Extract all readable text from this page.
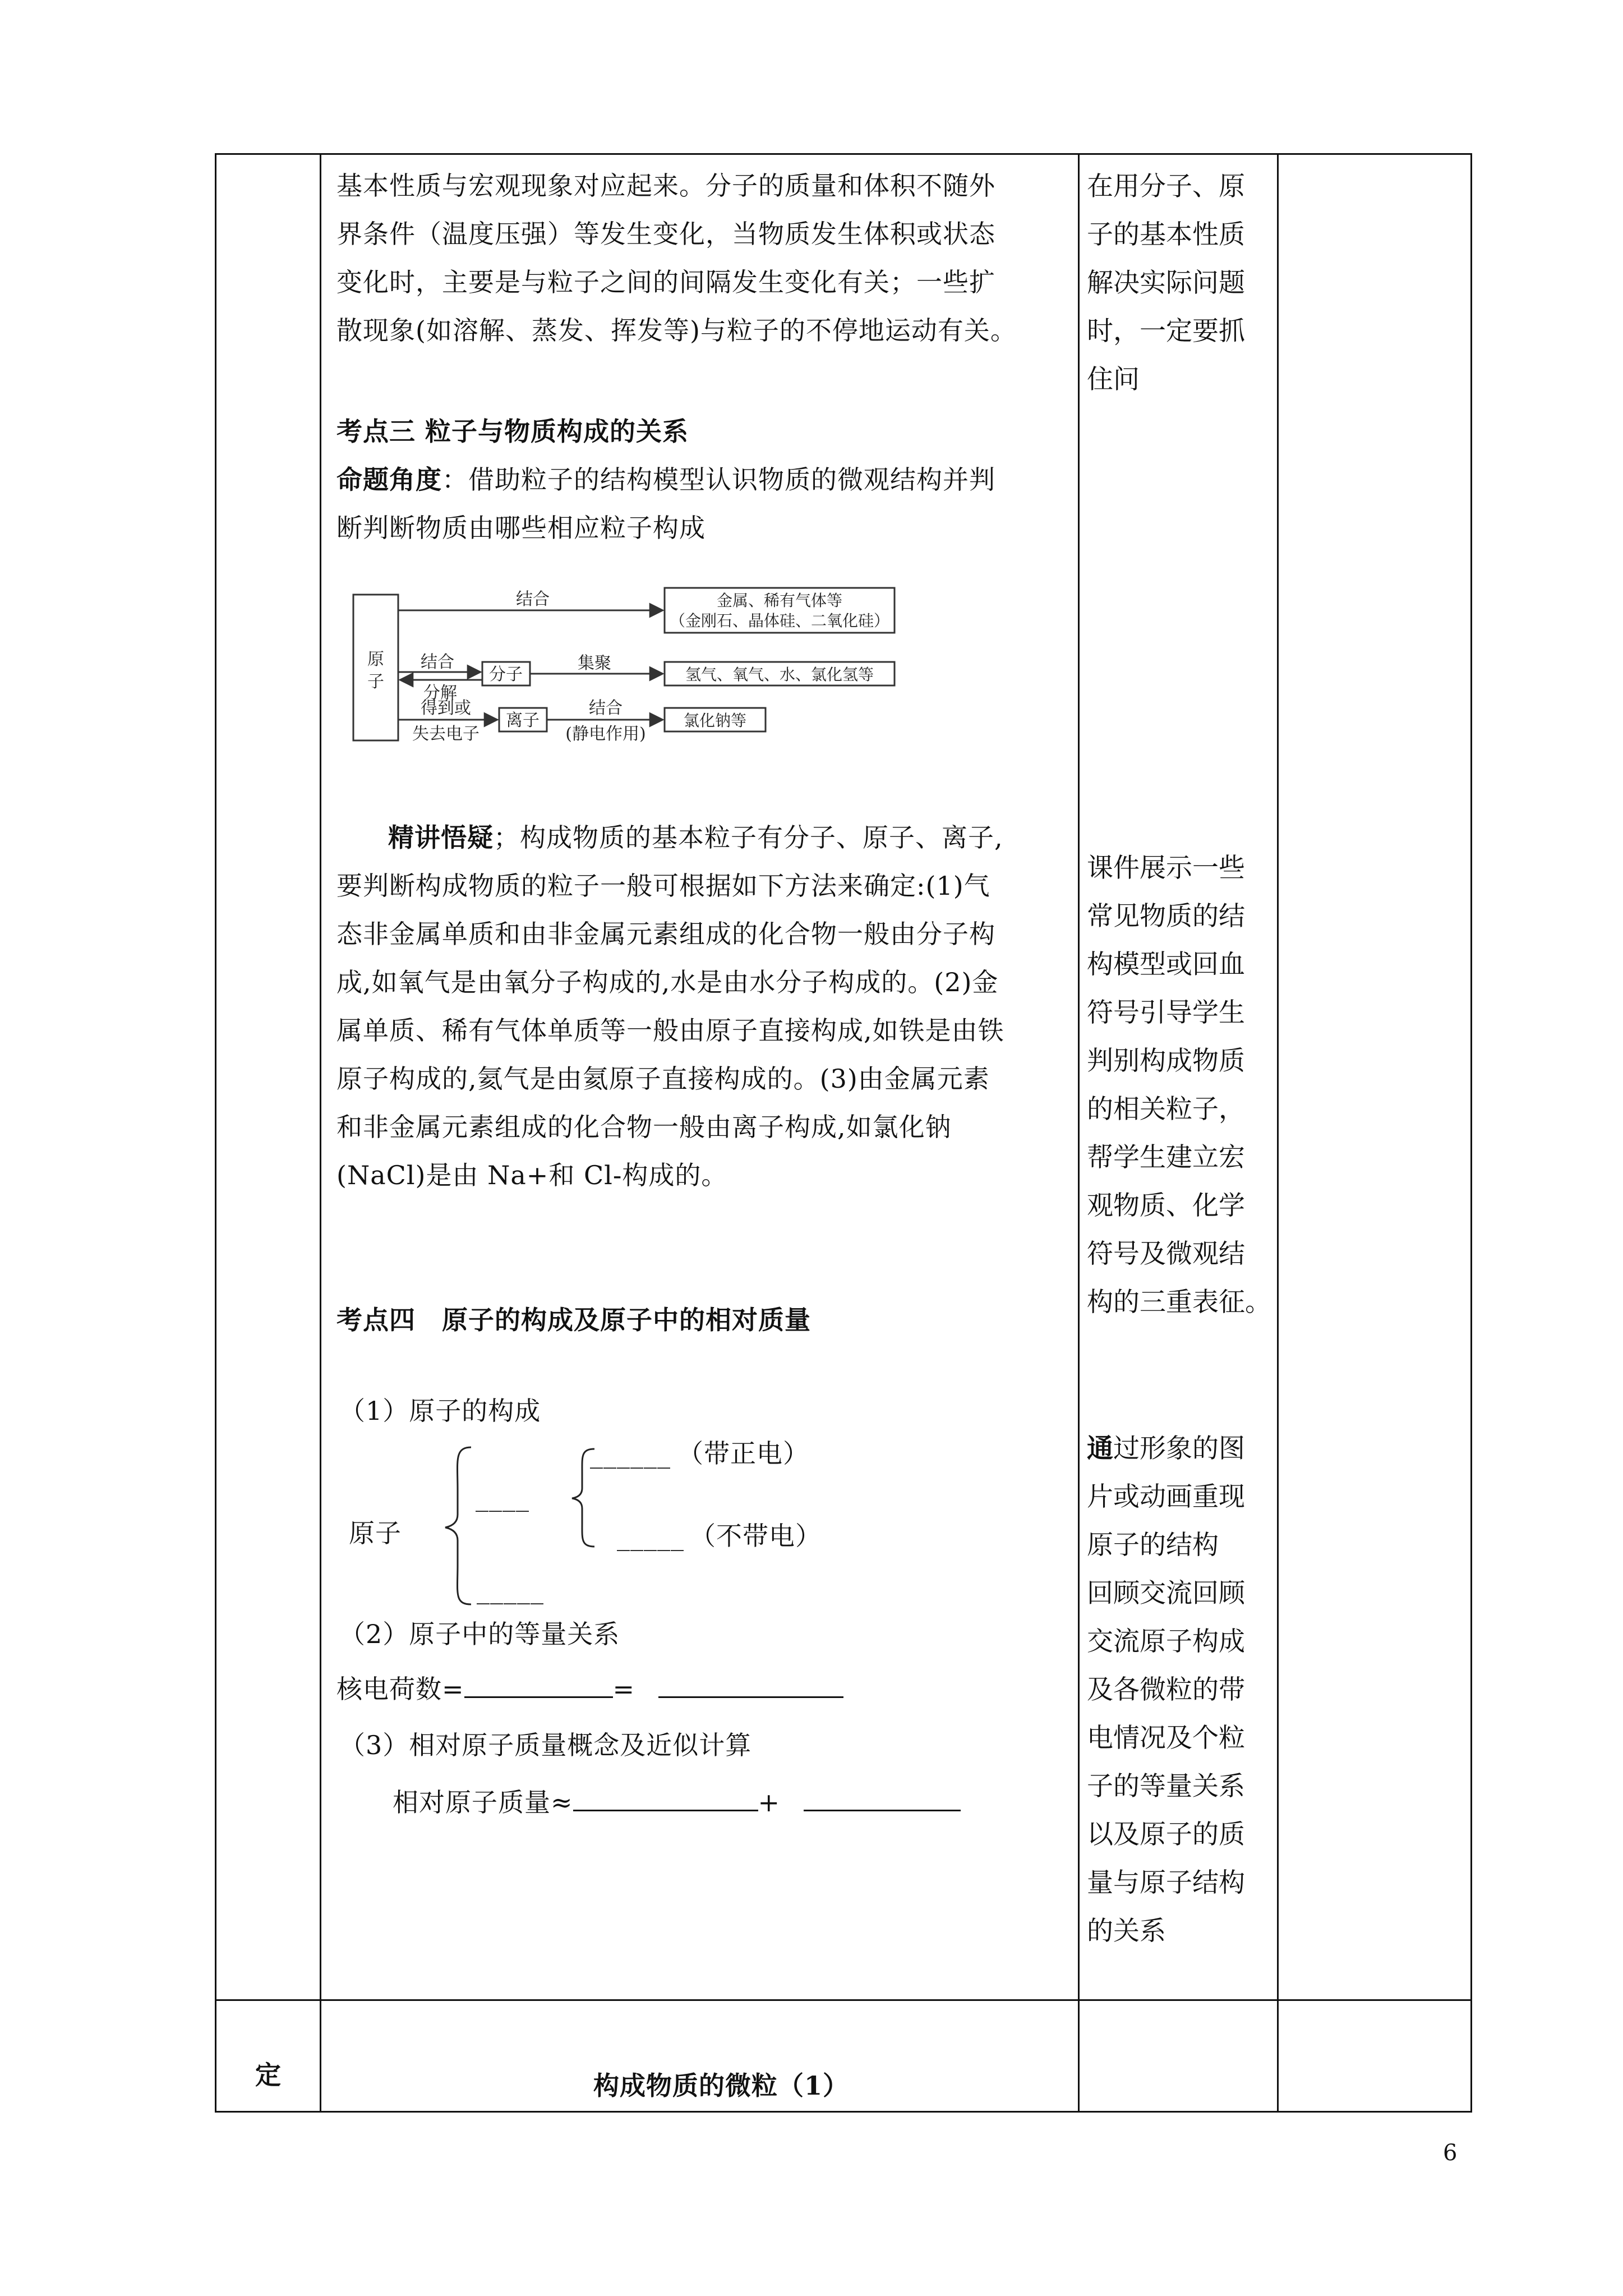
基本性质与宏观现象对应起来。分子的质量和体积不随外
界条件（温度压强）等发生变化，当物质发生体积或状态
变化时，主要是与粒子之间的间隔发生变化有关；一些扩
散现象(如溶解、蒸发、挥发等)与粒子的不停地运动有关。
考点三 粒子与物质构成的关系
命题角度：借助粒子的结构模型认识物质的微观结构并判
断判断物质由哪些相应粒子构成
原
子
结合	金属、稀有气体等
（金刚石、晶体硅、二氧化硅）
结合
分解
分子
集聚
氢气、氧气、水、氯化氢等
得到或
失去电子
离子
结合
(静电作用)
氯化钠等
精讲悟疑；构成物质的基本粒子有分子、原子、离子,
要判断构成物质的粒子一般可根据如下方法来确定:(1)气
态非金属单质和由非金属元素组成的化合物一般由分子构
成,如氧气是由氧分子构成的,水是由水分子构成的。(2)金
属单质、稀有气体单质等一般由原子直接构成,如铁是由铁
原子构成的,氦气是由氦原子直接构成的。(3)由金属元素
和非金属元素组成的化合物一般由离子构成,如氯化钠
(NaCl)是由 Na+和 Cl-构成的。
考点四　原子的构成及原子中的相对质量
（1）原子的构成
原子
____
______ （带正电）
_____ （不带电）
_____
（2）原子中的等量关系
核电荷数=	=
（3）相对原子质量概念及近似计算
相对原子质量≈	+
在用分子、原
子的基本性质
解决实际问题
时，一定要抓
住问
课件展示一些
常见物质的结
构模型或回血
符号引导学生
判别构成物质
的相关粒子，
帮学生建立宏
观物质、化学
符号及微观结
构的三重表征。
通过形象的图
片或动画重现
原子的结构
回顾交流回顾
交流原子构成
及各微粒的带
电情况及个粒
子的等量关系
以及原子的质
量与原子结构
的关系
定	构成物质的微粒（1）
6
